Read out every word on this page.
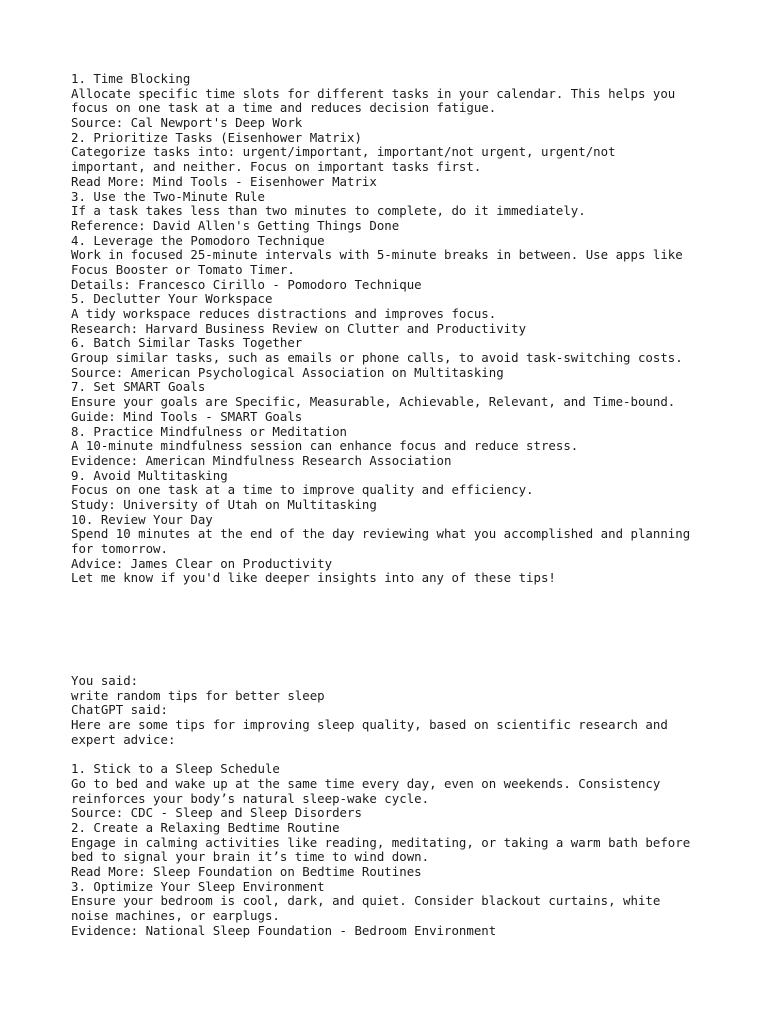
1. Time Blocking
Allocate specific time slots for different tasks in your calendar. This helps you
focus on one task at a time and reduces decision fatigue.
Source: Cal Newport's Deep Work
2. Prioritize Tasks (Eisenhower Matrix)
Categorize tasks into: urgent/important, important/not urgent, urgent/not
important, and neither. Focus on important tasks first.
Read More: Mind Tools - Eisenhower Matrix
3. Use the Two-Minute Rule
If a task takes less than two minutes to complete, do it immediately.
Reference: David Allen's Getting Things Done
4. Leverage the Pomodoro Technique
Work in focused 25-minute intervals with 5-minute breaks in between. Use apps like
Focus Booster or Tomato Timer.
Details: Francesco Cirillo - Pomodoro Technique
5. Declutter Your Workspace
A tidy workspace reduces distractions and improves focus.
Research: Harvard Business Review on Clutter and Productivity
6. Batch Similar Tasks Together
Group similar tasks, such as emails or phone calls, to avoid task-switching costs.
Source: American Psychological Association on Multitasking
7. Set SMART Goals
Ensure your goals are Specific, Measurable, Achievable, Relevant, and Time-bound.
Guide: Mind Tools - SMART Goals
8. Practice Mindfulness or Meditation
A 10-minute mindfulness session can enhance focus and reduce stress.
Evidence: American Mindfulness Research Association
9. Avoid Multitasking
Focus on one task at a time to improve quality and efficiency.
Study: University of Utah on Multitasking
10. Review Your Day
Spend 10 minutes at the end of the day reviewing what you accomplished and planning
for tomorrow.
Advice: James Clear on Productivity
Let me know if you'd like deeper insights into any of these tips!
You said:
write random tips for better sleep
ChatGPT said:
Here are some tips for improving sleep quality, based on scientific research and
expert advice:
1. Stick to a Sleep Schedule
Go to bed and wake up at the same time every day, even on weekends. Consistency
reinforces your body’s natural sleep-wake cycle.
Source: CDC - Sleep and Sleep Disorders
2. Create a Relaxing Bedtime Routine
Engage in calming activities like reading, meditating, or taking a warm bath before
bed to signal your brain it’s time to wind down.
Read More: Sleep Foundation on Bedtime Routines
3. Optimize Your Sleep Environment
Ensure your bedroom is cool, dark, and quiet. Consider blackout curtains, white
noise machines, or earplugs.
Evidence: National Sleep Foundation - Bedroom Environment
